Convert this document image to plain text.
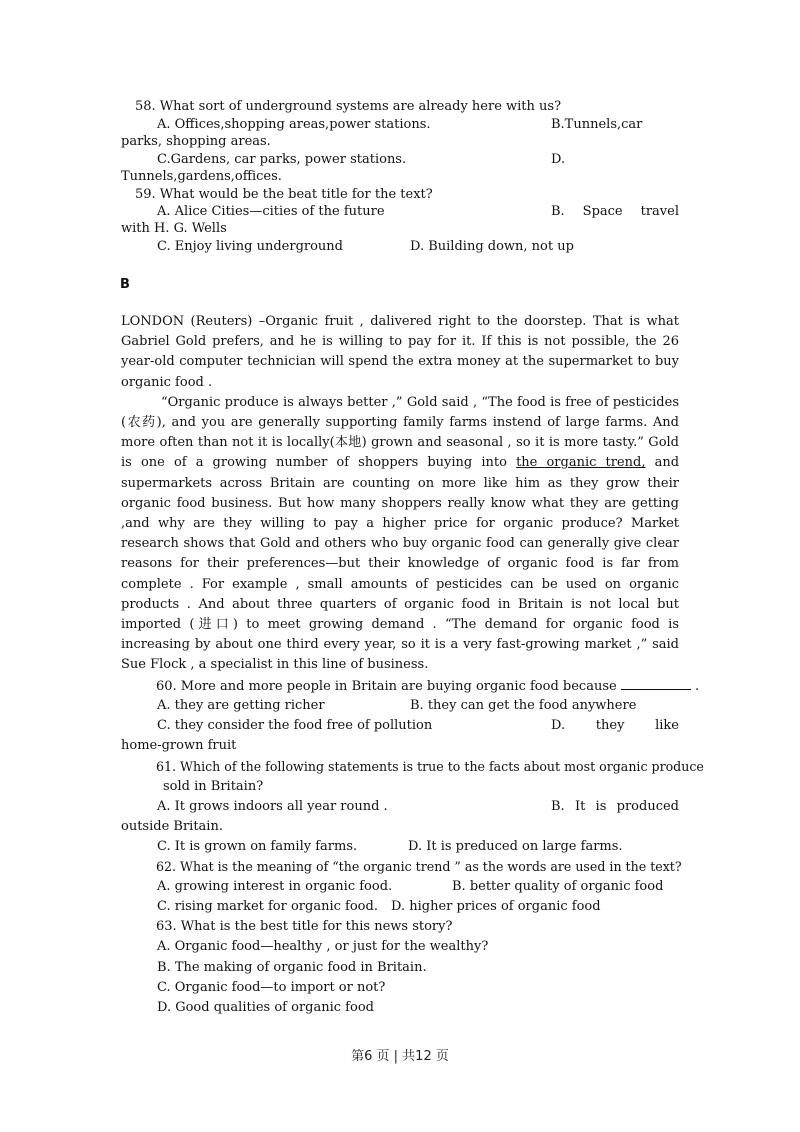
58. What sort of underground systems are already here with us?
A. Offices,shopping areas,power stations.	B.Tunnels,car
parks, shopping areas.
C.Gardens, car parks, power stations.	D.
Tunnels,gardens,offices.
59. What would be the beat title for the text?
A. Alice Cities—cities of the future	B.  Space  travel
with H. G. Wells
C. Enjoy living underground	D. Building down, not up
B

LONDON (Reuters) –Organic fruit , dalivered right to the doorstep. That is what Gabriel Gold prefers, and he is willing to pay for it. If this is not possible, the 26 year-old computer technician will spend the extra money at the supermarket to buy organic food .

“Organic produce is always better ,” Gold said , “The food is free of pesticides (农药), and you are generally supporting family farms instend of large farms. And more often than not it is locally(本地) grown and seasonal , so it is more tasty.” Gold is one of a growing number of shoppers buying into the organic trend, and supermarkets across Britain are counting on more like him as they grow their organic food business. But how many shoppers really know what they are getting ,and why are they willing to pay a higher price for organic produce? Market research shows that Gold and others who buy organic food can generally give clear reasons for their preferences—but their knowledge of organic food is far from complete . For example , small amounts of pesticides can be used on organic products . And about three quarters of organic food in Britain is not local but imported (进口) to meet growing demand . “The demand for organic food is increasing by about one third every year, so it is a very fast-growing market ,” said Sue Flock , a specialist in this line of business.

60. More and more people in Britain are buying organic food because	.
A. they are getting richer	B. they can get the food anywhere
C. they consider the food free of pollution	D.   they   like
home-grown fruit
61. Which of the following statements is true to the facts about most organic produce
sold in Britain?
A. It grows indoors all year round .	B.  It  is  produced
outside Britain.
C. It is grown on family farms.	D. It is preduced on large farms.
62. What is the meaning of “the organic trend ” as the words are used in the text?
A. growing interest in organic food.	B. better quality of organic food
C. rising market for organic food. D. higher prices of organic food
63. What is the best title for this news story?
A. Organic food—healthy , or just for the wealthy?
B. The making of organic food in Britain.
C. Organic food—to import or not?
D. Good qualities of organic food
第6 页 | 共12 页
